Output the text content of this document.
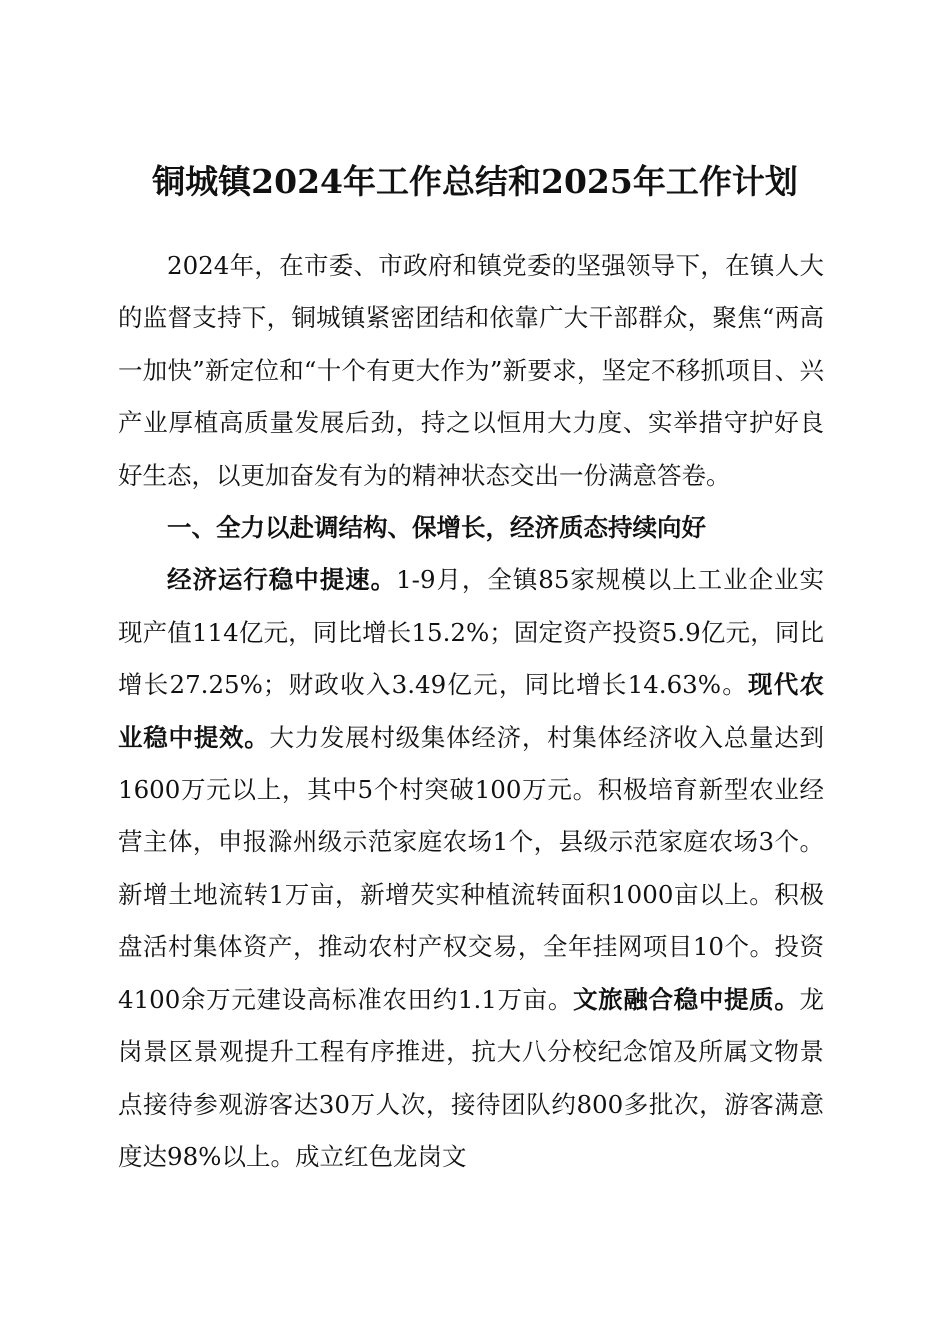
铜城镇2024年工作总结和2025年工作计划

2024年，在市委、市政府和镇党委的坚强领导下，在镇人大的监督支持下，铜城镇紧密团结和依靠广大干部群众，聚焦“两高一加快”新定位和“十个有更大作为”新要求，坚定不移抓项目、兴产业厚植高质量发展后劲，持之以恒用大力度、实举措守护好良好生态，以更加奋发有为的精神状态交出一份满意答卷。

一、全力以赴调结构、保增长，经济质态持续向好

经济运行稳中提速。1-9月，全镇85家规模以上工业企业实现产值114亿元，同比增长15.2%；固定资产投资5.9亿元，同比增长27.25%；财政收入3.49亿元，同比增长14.63%。现代农业稳中提效。大力发展村级集体经济，村集体经济收入总量达到1600万元以上，其中5个村突破100万元。积极培育新型农业经营主体，申报滁州级示范家庭农场1个，县级示范家庭农场3个。新增土地流转1万亩，新增芡实种植流转面积1000亩以上。积极盘活村集体资产，推动农村产权交易，全年挂网项目10个。投资4100余万元建设高标准农田约1.1万亩。文旅融合稳中提质。龙岗景区景观提升工程有序推进，抗大八分校纪念馆及所属文物景点接待参观游客达30万人次，接待团队约800多批次，游客满意度达98%以上。成立红色龙岗文
